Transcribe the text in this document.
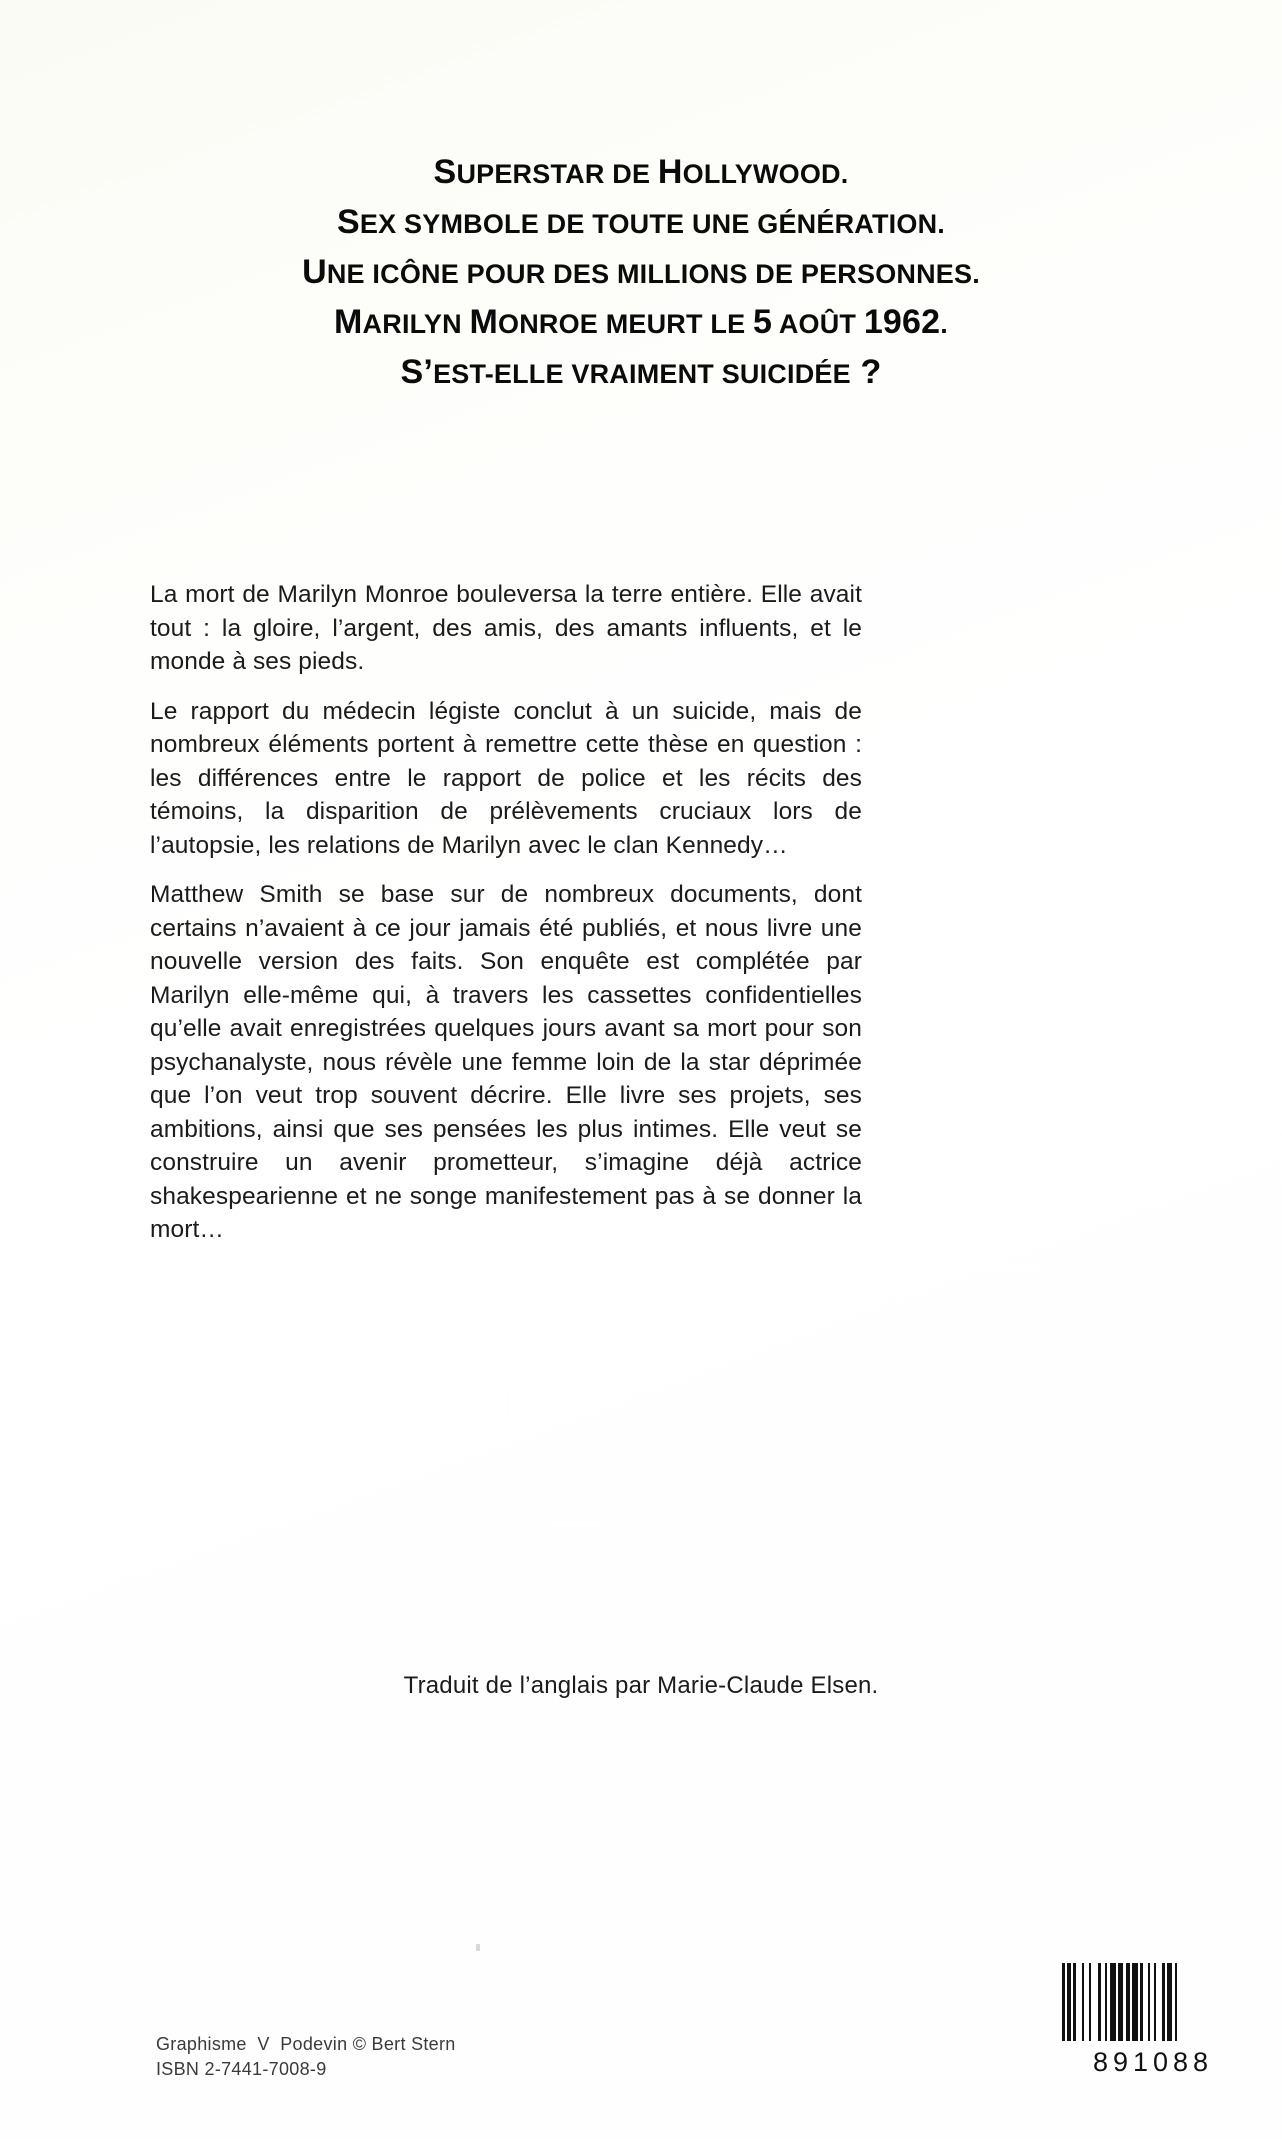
SUPERSTAR DE HOLLYWOOD.
SEX SYMBOLE DE TOUTE UNE GÉNÉRATION.
UNE ICÔNE POUR DES MILLIONS DE PERSONNES.
MARILYN MONROE MEURT LE 5 AOÛT 1962.
S’EST-ELLE VRAIMENT SUICIDÉE ?

La mort de Marilyn Monroe bouleversa la terre entière. Elle avait tout : la gloire, l’argent, des amis, des amants influents, et le monde à ses pieds.

Le rapport du médecin légiste conclut à un suicide, mais de nombreux éléments portent à remettre cette thèse en question : les différences entre le rapport de police et les récits des témoins, la disparition de prélèvements cruciaux lors de l’autopsie, les relations de Marilyn avec le clan Kennedy…

Matthew Smith se base sur de nombreux documents, dont certains n’avaient à ce jour jamais été publiés, et nous livre une nouvelle version des faits. Son enquête est complétée par Marilyn elle-même qui, à travers les cassettes confidentielles qu’elle avait enregistrées quelques jours avant sa mort pour son psychanalyste, nous révèle une femme loin de la star déprimée que l’on veut trop souvent décrire. Elle livre ses projets, ses ambitions, ainsi que ses pensées les plus intimes. Elle veut se construire un avenir prometteur, s’imagine déjà actrice shakespearienne et ne songe manifestement pas à se donner la mort…

Traduit de l’anglais par Marie-Claude Elsen.
Graphisme  V  Podevin © Bert Stern
ISBN 2-7441-7008-9	891088
